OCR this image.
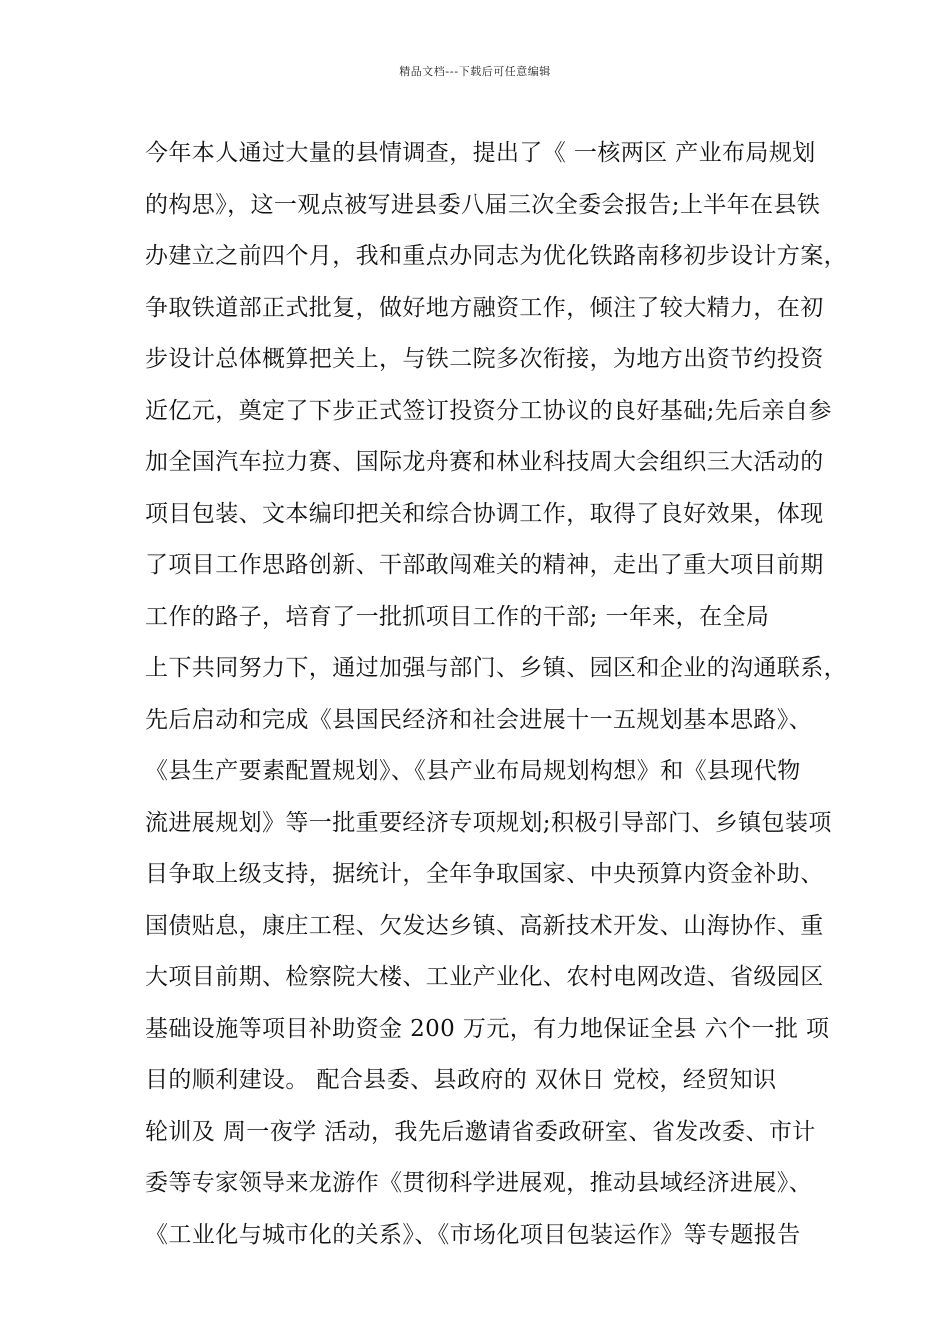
精品文档---下载后可任意编辑
今年本人通过大量的县情调查，提出了《 一核两区 产业布局规划
的构思》，这一观点被写进县委八届三次全委会报告;上半年在县铁
办建立之前四个月，我和重点办同志为优化铁路南移初步设计方案，
争取铁道部正式批复，做好地方融资工作，倾注了较大精力，在初
步设计总体概算把关上，与铁二院多次衔接，为地方出资节约投资
近亿元，奠定了下步正式签订投资分工协议的良好基础;先后亲自参
加全国汽车拉力赛、国际龙舟赛和林业科技周大会组织三大活动的
项目包装、文本编印把关和综合协调工作，取得了良好效果，体现
了项目工作思路创新、干部敢闯难关的精神，走出了重大项目前期
工作的路子，培育了一批抓项目工作的干部; 一年来，在全局
上下共同努力下，通过加强与部门、乡镇、园区和企业的沟通联系，
先后启动和完成《县国民经济和社会进展十一五规划基本思路》、
《县生产要素配置规划》、《县产业布局规划构想》和《县现代物
流进展规划》等一批重要经济专项规划;积极引导部门、乡镇包装项
目争取上级支持，据统计，全年争取国家、中央预算内资金补助、
国债贴息，康庄工程、欠发达乡镇、高新技术开发、山海协作、重
大项目前期、检察院大楼、工业产业化、农村电网改造、省级园区
基础设施等项目补助资金 200 万元，有力地保证全县 六个一批 项
目的顺利建设。 配合县委、县政府的 双休日 党校，经贸知识
轮训及 周一夜学 活动，我先后邀请省委政研室、省发改委、市计
委等专家领导来龙游作《贯彻科学进展观，推动县域经济进展》、
《工业化与城市化的关系》、《市场化项目包装运作》等专题报告
